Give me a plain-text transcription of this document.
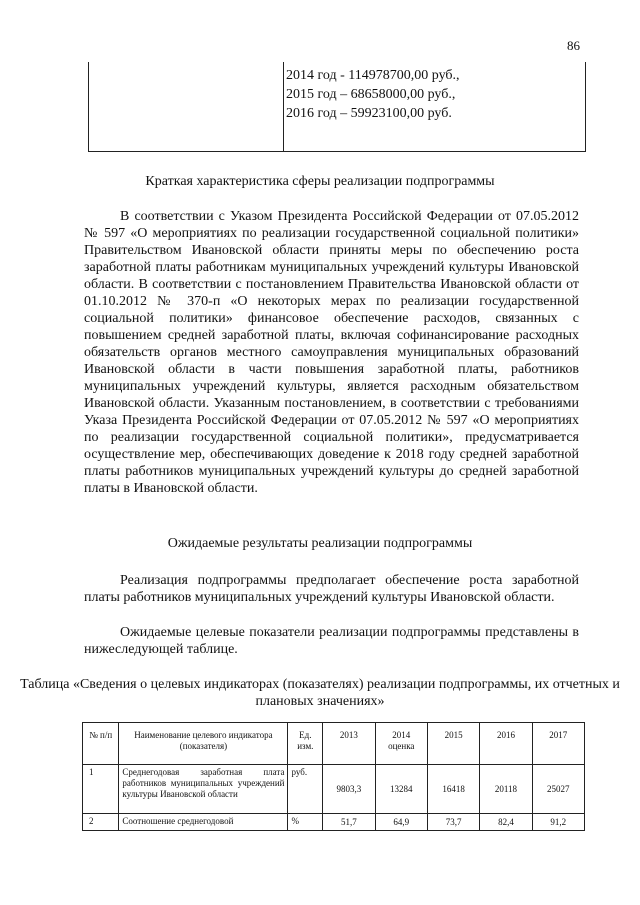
86

2014 год - 114978700,00 руб.,
2015 год – 68658000,00 руб.,
2016 год – 59923100,00 руб.
Краткая характеристика сферы реализации подпрограммы

В соответствии с Указом Президента Российской Федерации от 07.05.2012 № 597 «О мероприятиях по реализации государственной социальной политики» Правительством Ивановской области приняты меры по обеспечению роста заработной платы работникам муниципальных учреждений культуры Ивановской области. В соответствии с постановлением Правительства Ивановской области от 01.10.2012 № 370-п «О некоторых мерах по реализации государственной социальной политики» финансовое обеспечение расходов, связанных с повышением средней заработной платы, включая софинансирование расходных обязательств органов местного самоуправления муниципальных образований Ивановской области в части повышения заработной платы, работников муниципальных учреждений культуры, является расходным обязательством Ивановской области. Указанным постановлением, в соответствии с требованиями Указа Президента Российской Федерации от 07.05.2012 № 597 «О мероприятиях по реализации государственной социальной политики», предусматривается осуществление мер, обеспечивающих доведение к 2018 году средней заработной платы работников муниципальных учреждений культуры до средней заработной платы в Ивановской области.

Ожидаемые результаты реализации подпрограммы

Реализация подпрограммы предполагает обеспечение роста заработной платы работников муниципальных учреждений культуры Ивановской области.

Ожидаемые целевые показатели реализации подпрограммы представлены в нижеследующей таблице.

Таблица «Сведения о целевых индикаторах (показателях) реализации подпрограммы, их отчетных и плановых значениях»
№ п/п	Наименование целевого индикатора (показателя)	Ед. изм.	2013	2014 оценка	2015	2016	2017
1	Среднегодовая заработная плата работников муниципальных учреждений культуры Ивановской области	руб.	9803,3	13284	16418	20118	25027
2	Соотношение среднегодовой	%	51,7	64,9	73,7	82,4	91,2
